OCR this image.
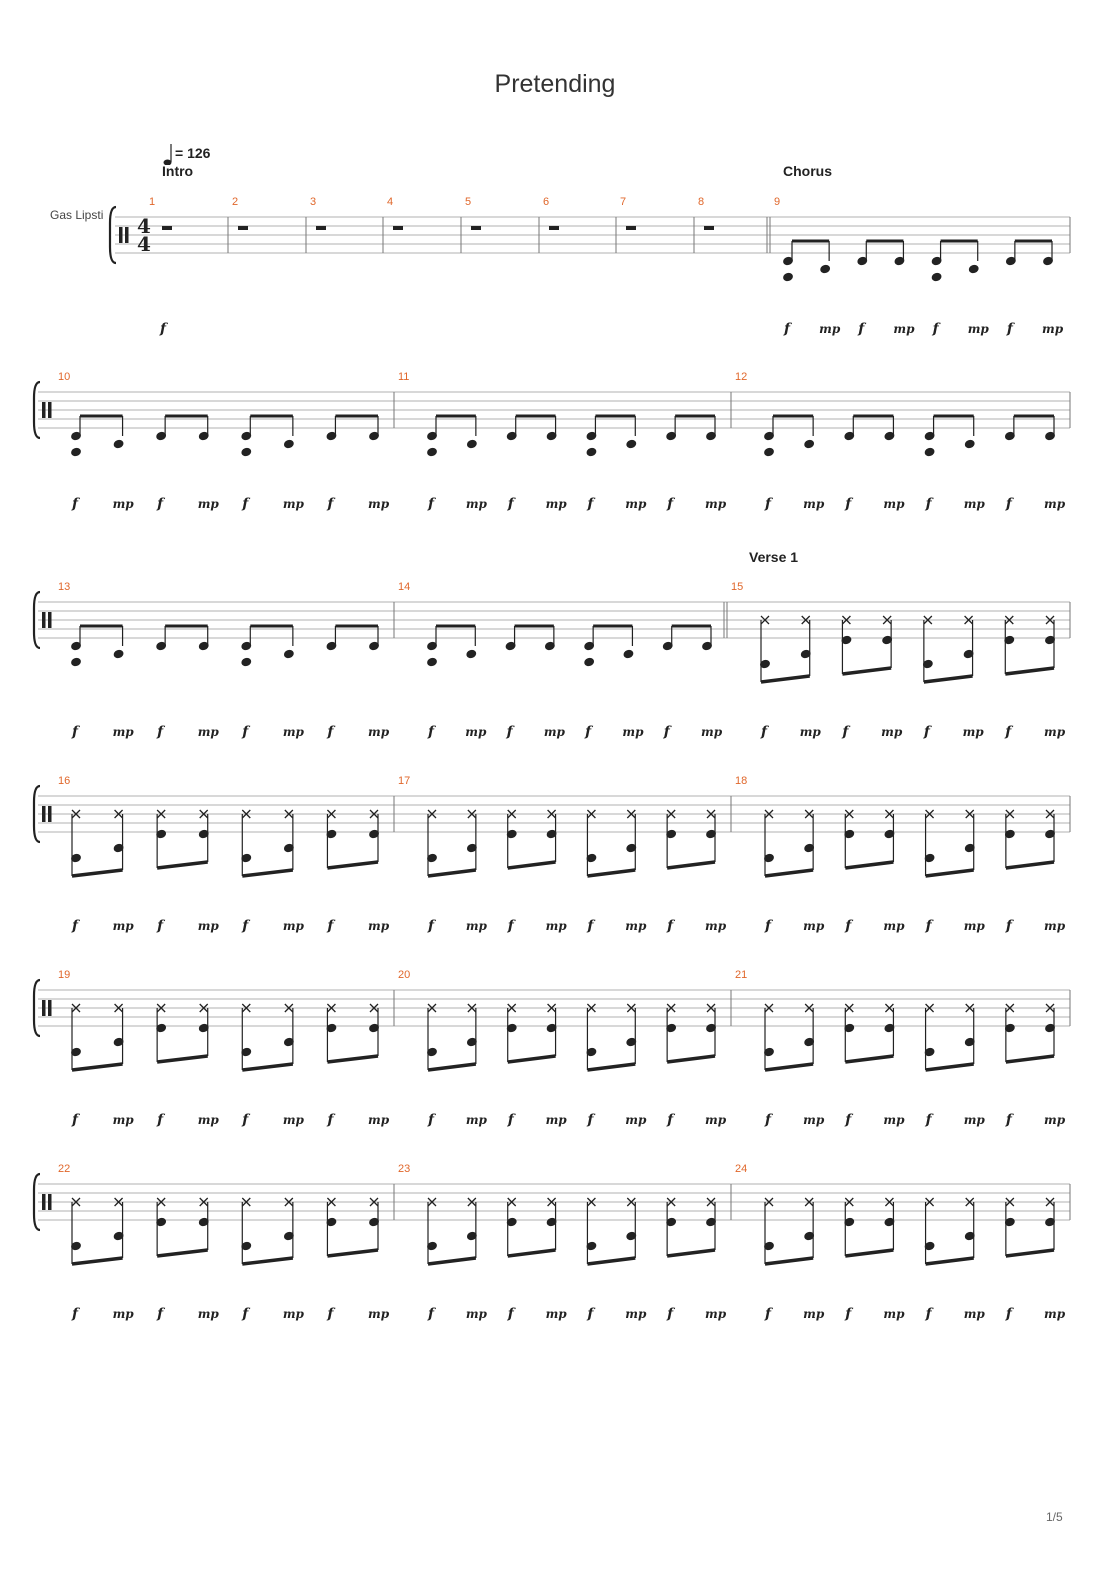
Pretending
= 126
Gas Lipsti
Intro	Chorus
Verse 1
1/5
1	2	3	4	5	6	7	8	9
4
4
f	f mp f mp f mp f mp
10	11	12
f	mp f	mp f	mp f	mp	f	mp f	mp f	mp f	mp	f	mp f	mp f	mp f	mp
13	14	15
f	mp f	mp f	mp f	mp	f	mp f	mp f	mp f	mp	f	mp f	mp f	mp f	mp
16	17	18
f	mp f	mp f	mp f	mp	f	mp f	mp f	mp f	mp	f	mp f	mp f	mp f	mp
19	20	21
f	mp f	mp f	mp f	mp	f	mp f	mp f	mp f	mp	f	mp f	mp f	mp f	mp
22	23	24
f	mp f	mp f	mp f	mp	f	mp f	mp f	mp f	mp	f	mp f	mp f	mp f	mp
